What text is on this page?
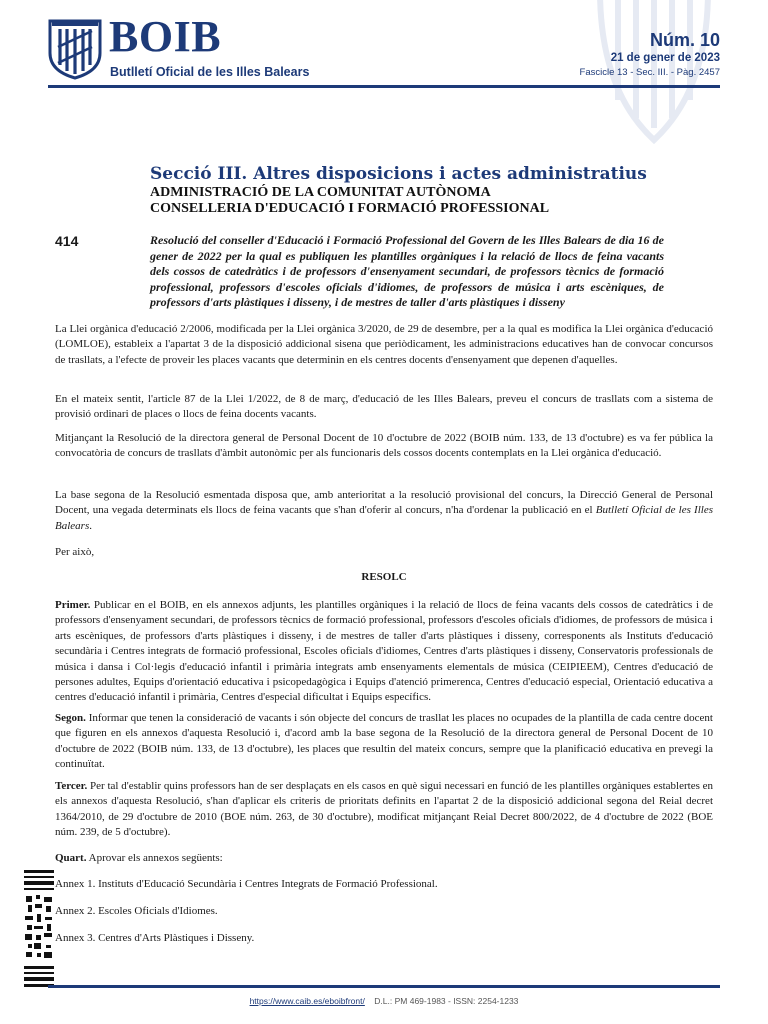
BOIB
Butlletí Oficial de les Illes Balears
Núm. 10
21 de gener de 2023
Fascicle 13 - Sec. III. - Pàg. 2457
Secció III. Altres disposicions i actes administratius
ADMINISTRACIÓ DE LA COMUNITAT AUTÒNOMA
CONSELLERIA D'EDUCACIÓ I FORMACIÓ PROFESSIONAL
414	Resolució del conseller d'Educació i Formació Professional del Govern de les Illes Balears de dia 16 de gener de 2022 per la qual es publiquen les plantilles orgàniques i la relació de llocs de feina vacants dels cossos de catedràtics i de professors d'ensenyament secundari, de professors tècnics de formació professional, professors d'escoles oficials d'idiomes, de professors de música i arts escèniques, de professors d'arts plàstiques i disseny, i de mestres de taller d'arts plàstiques i disseny

La Llei orgànica d'educació 2/2006, modificada per la Llei orgànica 3/2020, de 29 de desembre, per a la qual es modifica la Llei orgànica d'educació (LOMLOE), estableix a l'apartat 3 de la disposició addicional sisena que periòdicament, les administracions educatives han de convocar concursos de trasllats, a l'efecte de proveir les places vacants que determinin en els centres docents d'ensenyament que depenen d'aquelles.

En el mateix sentit, l'article 87 de la Llei 1/2022, de 8 de març, d'educació de les Illes Balears, preveu el concurs de trasllats com a sistema de provisió ordinari de places o llocs de feina docents vacants.

Mitjançant la Resolució de la directora general de Personal Docent de 10 d'octubre de 2022 (BOIB núm. 133, de 13 d'octubre) es va fer pública la convocatòria de concurs de trasllats d'àmbit autonòmic per als funcionaris dels cossos docents contemplats en la Llei orgànica d'educació.

La base segona de la Resolució esmentada disposa que, amb anterioritat a la resolució provisional del concurs, la Direcció General de Personal Docent, una vegada determinats els llocs de feina vacants que s'han d'oferir al concurs, n'ha d'ordenar la publicació en el Butlletí Oficial de les Illes Balears.

Per això,

RESOLC

Primer. Publicar en el BOIB, en els annexos adjunts, les plantilles orgàniques i la relació de llocs de feina vacants dels cossos de catedràtics i de professors d'ensenyament secundari, de professors tècnics de formació professional, professors d'escoles oficials d'idiomes, de professors de música i arts escèniques, de professors d'arts plàstiques i disseny, i de mestres de taller d'arts plàstiques i disseny, corresponents als Instituts d'educació secundària i Centres integrats de formació professional, Escoles oficials d'idiomes, Centres d'arts plàstiques i disseny, Conservatoris professionals de música i dansa i Col·legis d'educació infantil i primària integrats amb ensenyaments elementals de música (CEIPIEEM), Centres d'educació de persones adultes, Equips d'orientació educativa i psicopedagògica i Equips d'atenció primerenca, Centres d'educació especial, Orientació educativa a centres d'educació infantil i primària, Centres d'especial dificultat i Equips específics.

Segon. Informar que tenen la consideració de vacants i són objecte del concurs de trasllat les places no ocupades de la plantilla de cada centre docent que figuren en els annexos d'aquesta Resolució i, d'acord amb la base segona de la Resolució de la directora general de Personal Docent de 10 d'octubre de 2022 (BOIB núm. 133, de 13 d'octubre), les places que resultin del mateix concurs, sempre que la planificació educativa en prevegi la continuïtat.

Tercer. Per tal d'establir quins professors han de ser desplaçats en els casos en què sigui necessari en funció de les plantilles orgàniques establertes en els annexos d'aquesta Resolució, s'han d'aplicar els criteris de prioritats definits en l'apartat 2 de la disposició addicional segona del Reial decret 1364/2010, de 29 d'octubre de 2010 (BOE núm. 263, de 30 d'octubre), modificat mitjançant Reial Decret 800/2022, de 4 d'octubre de 2022 (BOE núm. 239, de 5 d'octubre).

Quart. Aprovar els annexos següents:

Annex 1. Instituts d'Educació Secundària i Centres Integrats de Formació Professional.
Annex 2. Escoles Oficials d'Idiomes.
Annex 3. Centres d'Arts Plàstiques i Disseny.
https://www.caib.es/eboibfront/ D.L.: PM 469-1983 - ISSN: 2254-1233
